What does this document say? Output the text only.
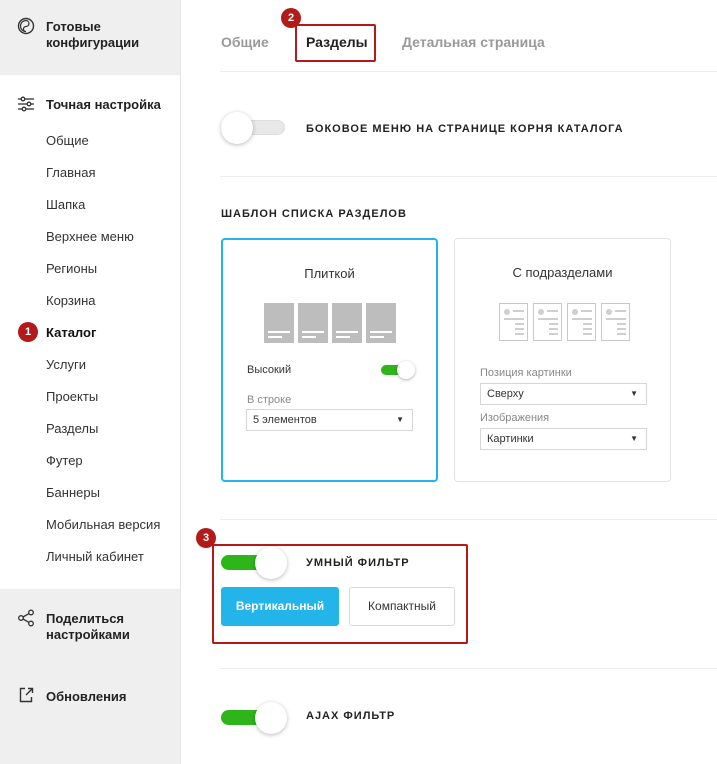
Готовые конфигурации
Точная настройка
Общие
Главная
Шапка
Верхнее меню
Регионы
Корзина
1	Каталог
Услуги
Проекты
Разделы
Футер
Баннеры
Мобильная версия
Личный кабинет
Поделиться настройками
Обновления
Общие	Разделы Детальная страница
2
БОКОВОЕ МЕНЮ НА СТРАНИЦЕ КОРНЯ КАТАЛОГА
ШАБЛОН СПИСКА РАЗДЕЛОВ
Плиткой
Высокий
В строке
5 элементов	▼
С подразделами
Позиция картинки
Сверху	▼
Изображения
Картинки	▼
3
УМНЫЙ ФИЛЬТР
Вертикальный	Компактный
AJAX ФИЛЬТР
